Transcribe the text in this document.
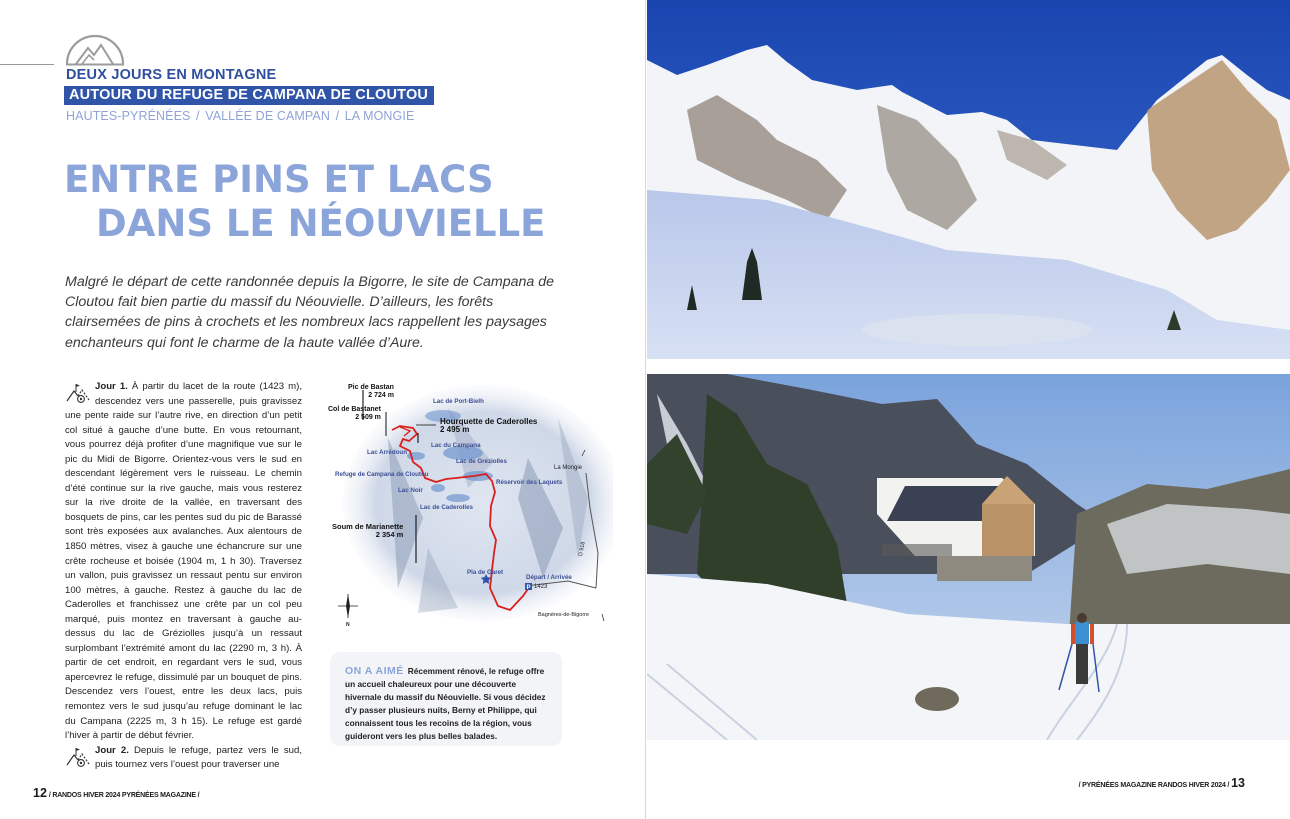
DEUX JOURS EN MONTAGNE
AUTOUR DU REFUGE DE CAMPANA DE CLOUTOU
HAUTES-PYRÉNÉES / VALLÉE DE CAMPAN / LA MONGIE
ENTRE PINS ET LACS
DANS LE NÉOUVIELLE

Malgré le départ de cette randonnée depuis la Bigorre, le site de Campana de Cloutou fait bien partie du massif du Néouvielle. D’ailleurs, les forêts clairsemées de pins à crochets et les nombreux lacs rappellent les paysages enchanteurs qui font le charme de la haute vallée d’Aure.

Jour 1. À partir du lacet de la route (1423 m), descendez vers une passerelle, puis gravissez une pente raide sur l’autre rive, en direction d’un petit col situé à gauche d’une butte. En vous retournant, vous pourrez déjà profiter d’une magnifique vue sur le pic du Midi de Bigorre. Orientez-vous vers le sud en descendant légèrement vers le ruisseau. Le chemin d’été continue sur la rive gauche, mais vous resterez sur la rive droite de la vallée, en traversant des bosquets de pins, car les pentes sud du pic de Barassé sont très exposées aux avalanches. Aux alentours de 1850 mètres, visez à gauche une échancrure sur une crête rocheuse et boisée (1904 m, 1 h 30). Traversez un vallon, puis gravissez un ressaut pentu sur environ 100 mètres, à gauche. Restez à gauche du lac de Caderolles et franchissez une crête par un col peu marqué, puis montez en traversant à gauche au-dessus du lac de Gréziolles jusqu’à un ressaut surplombant l’extrémité amont du lac (2290 m, 3 h). À partir de cet endroit, en regardant vers le sud, vous apercevrez le refuge, dissimulé par un bouquet de pins. Descendez vers l’ouest, entre les deux lacs, puis remontez vers le sud jusqu’au refuge dominant le lac du Campana (2225 m, 3 h 15). Le refuge est gardé l’hiver à partir de début février.

Jour 2. Depuis le refuge, partez vers le sud, puis tournez vers l’ouest pour traverser une

P
N
Pic de Bastan
2 724 m
Col de Bastanet
2 509 m	Hourquette de Caderolles
2 495 m
Soum de Marianette
2 354 m
Lac de Port-Bielh
Lac du Campana
Lac Arrédoun
Lac de Gréziolles
Refuge de Campana de Cloutou
Réservoir des Laquets
Lac Noir
Lac de Caderolles
Pla de Garet
Départ / Arrivée
1423
La Mongie
Bagnères-de-Bigorre
D 918
ON A AIMÉ Récemment rénové, le refuge offre un accueil chaleureux pour une découverte hivernale du massif du Néouvielle. Si vous décidez d’y passer plusieurs nuits, Berny et Philippe, qui connaissent tous les recoins de la région, vous guideront vers les plus belles balades.
12 / RANDOS HIVER 2024 PYRÉNÉES MAGAZINE /
/ PYRÉNÉES MAGAZINE RANDOS HIVER 2024 / 13
